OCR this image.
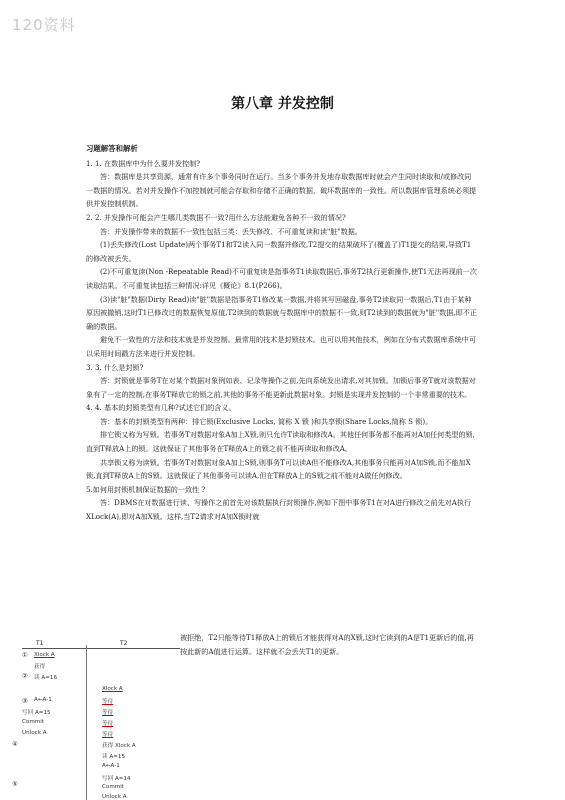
120资料
第八章 并发控制

习题解答和解析

1. 1. 在数据库中为什么要并发控制?

答：数据库是共享资源，通常有许多个事务同时在运行。当多个事务并发地存取数据库时就会产生同时读取和/或修改同一数据的情况。若对并发操作不加控制就可能会存取和存储不正确的数据，破坏数据库的一致性。所以数据库管理系统必须提供并发控制机制。

2. 2. 并发操作可能会产生哪几类数据不一致?用什么方法能避免各种不一致的情况?

答：并发操作带来的数据不一致性包括三类：丢失修改、不可重复读和读"脏"数据。

(1)丢失修改(Lost Update)两个事务T1和T2读入同一数据并修改,T2提交的结果破坏了(覆盖了)T1提交的结果,导致T1的修改被丢失。

(2)不可重复读(Non -Repeatable Read)不可重复读是指事务T1读取数据后,事务T2执行更新操作,使T1无法再现前一次读取结果。不可重复读包括三种情况:详见《概论》8.1(P266)。

(3)读"脏"数据(Dirty Read)读"脏"数据是指事务T1修改某一数据,并将其写回磁盘,事务T2读取同一数据后,T1由于某种原因被撤销,这时T1已修改过的数据恢复原值,T2读到的数据就与数据库中的数据不一致,则T2读到的数据就为"脏"数据,即不正确的数据。

避免不一致性的方法和技术就是并发控制。最常用的技术是封锁技术。也可以用其他技术，例如在分布式数据库系统中可以采用时间戳方法来进行并发控制。

3. 3. 什么是封锁?

答：封锁就是事务T在对某个数据对象例如表、记录等操作之前,先向系统发出请求,对其加锁。加锁后事务T就对该数据对象有了一定的控制,在事务T释放它的锁之前,其他的事务不能更新此数据对象。封锁是实现并发控制的一个非常重要的技术。

4. 4. 基本的封锁类型有几种?试述它们的含义。

答：基本的封锁类型有两种：排它锁(Exclusive Locks, 简称 X 锁 )和共享锁(Share Locks,简称 S 锁)。

排它锁又称为写锁。若事务T对数据对象A加上X锁,则只允许T读取和修改A。其他任何事务都不能再对A加任何类型的锁,直到T释放A上的锁。这就保证了其他事务在T释放A上的锁之前不能再读取和修改A。

共享锁又称为读锁。若事务T对数据对象A加上S锁,则事务T可以读A但不能修改A,其他事务只能再对A加S锁,而不能加X锁,直到T释放A上的S锁。这就保证了其他事务可以读A,但在T释放A上的S锁之前不能对A做任何修改。

5.如何用封锁机制保证数据的一致性 ?

答：DBMS在对数据进行读、写操作之前首先对该数据执行封锁操作,例如下图中事务T1在对A进行修改之前先对A执行XLock(A),即对A加X锁。这样,当T2请求对A加X锁时就

被拒绝，T2只能等待T1释放A上的锁后才能获得对A的X锁,这时它读到的A是T1更新后的值,再按此新的A值进行运算。这样就不会丢失T1的更新。

T1	T2
①
②
③
④
⑤
Xlock A
获得
读 A=16
A←A-1
写回 A=15
Commit
Unlock A
Xlock A
等待
等待
等待
等待
获得 Xlock A
读 A=15
A←A-1
写回 A=14
Commit
Unlock A
